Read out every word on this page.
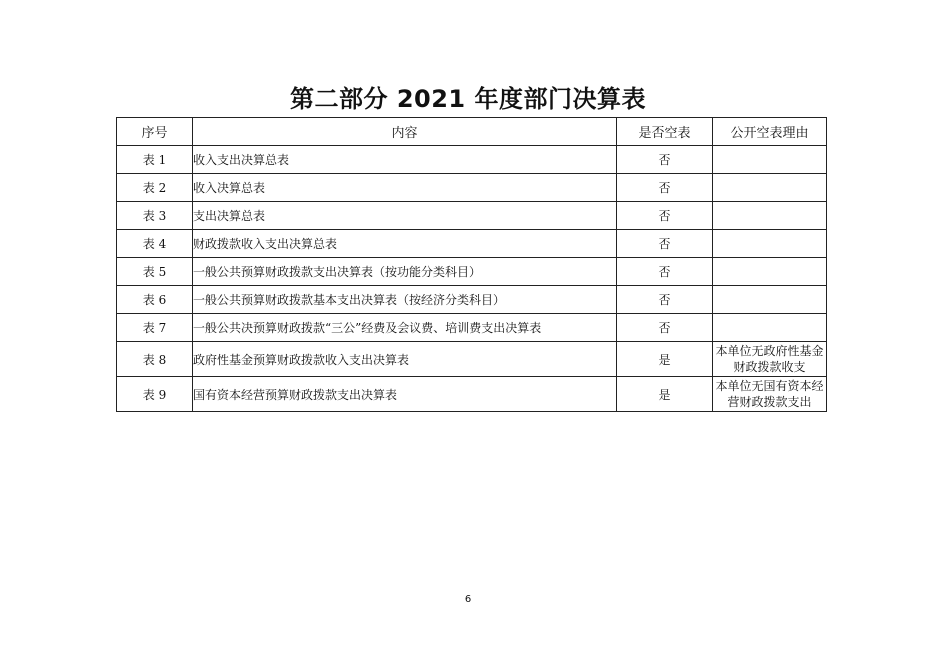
第二部分 2021 年度部门决算表
序号	内容	是否空表	公开空表理由
表 1	收入支出决算总表	否	
表 2	收入决算总表	否	
表 3	支出决算总表	否	
表 4	财政拨款收入支出决算总表	否	
表 5	一般公共预算财政拨款支出决算表（按功能分类科目）	否	
表 6	一般公共预算财政拨款基本支出决算表（按经济分类科目）	否	
表 7	一般公共决预算财政拨款“三公”经费及会议费、培训费支出决算表	否	
表 8	政府性基金预算财政拨款收入支出决算表	是	本单位无政府性基金财政拨款收支
表 9	国有资本经营预算财政拨款支出决算表	是	本单位无国有资本经营财政拨款支出
6
